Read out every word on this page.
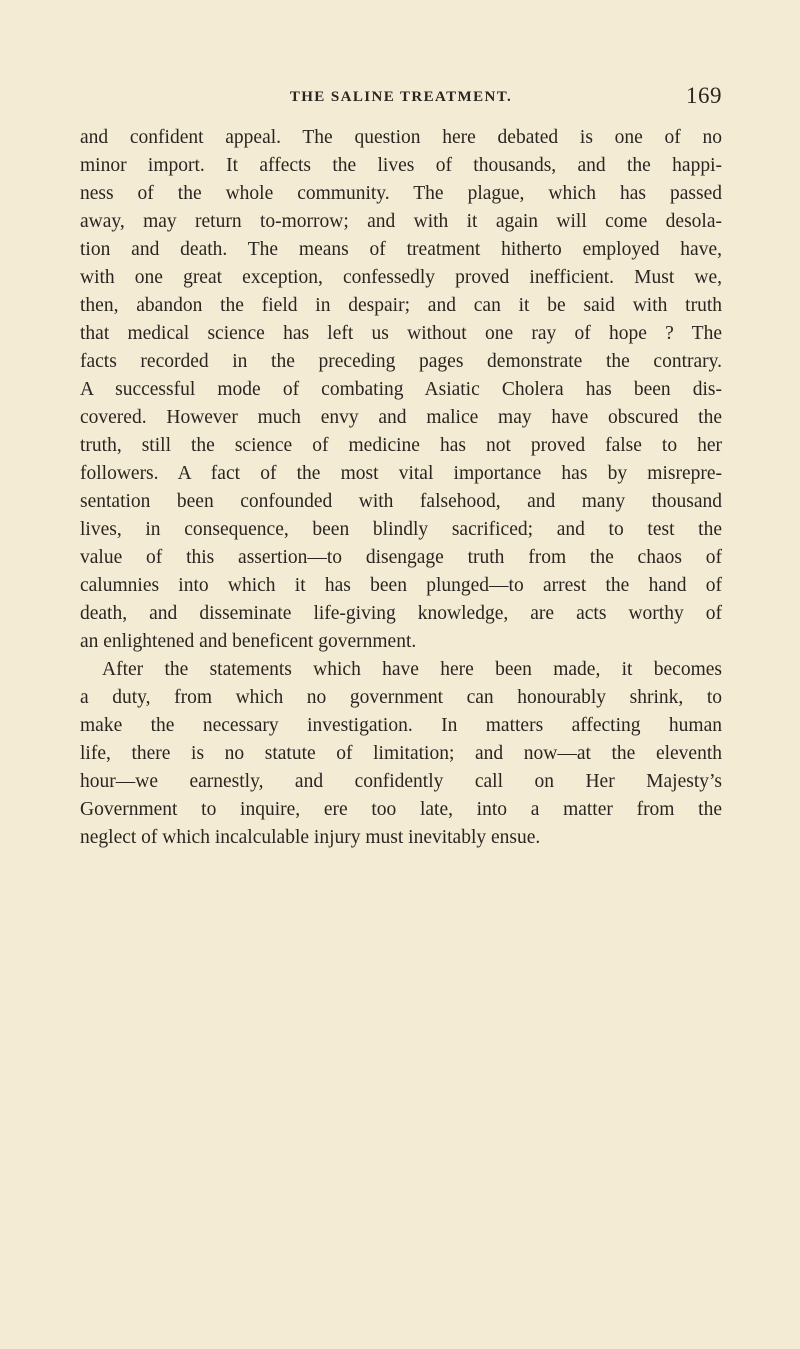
THE SALINE TREATMENT.	169
and confident appeal. The question here debated is one of no
minor import. It affects the lives of thousands, and the happi-
ness of the whole community. The plague, which has passed
away, may return to-morrow; and with it again will come desola-
tion and death. The means of treatment hitherto employed have,
with one great exception, confessedly proved inefficient. Must we,
then, abandon the field in despair; and can it be said with truth
that medical science has left us without one ray of hope ? The
facts recorded in the preceding pages demonstrate the contrary.
A successful mode of combating Asiatic Cholera has been dis-
covered. However much envy and malice may have obscured the
truth, still the science of medicine has not proved false to her
followers. A fact of the most vital importance has by misrepre-
sentation been confounded with falsehood, and many thousand
lives, in consequence, been blindly sacrificed; and to test the
value of this assertion—to disengage truth from the chaos of
calumnies into which it has been plunged—to arrest the hand of
death, and disseminate life-giving knowledge, are acts worthy of
an enlightened and beneficent government.
After the statements which have here been made, it becomes
a duty, from which no government can honourably shrink, to
make the necessary investigation. In matters affecting human
life, there is no statute of limitation; and now—at the eleventh
hour—we earnestly, and confidently call on Her Majesty’s
Government to inquire, ere too late, into a matter from the
neglect of which incalculable injury must inevitably ensue.
